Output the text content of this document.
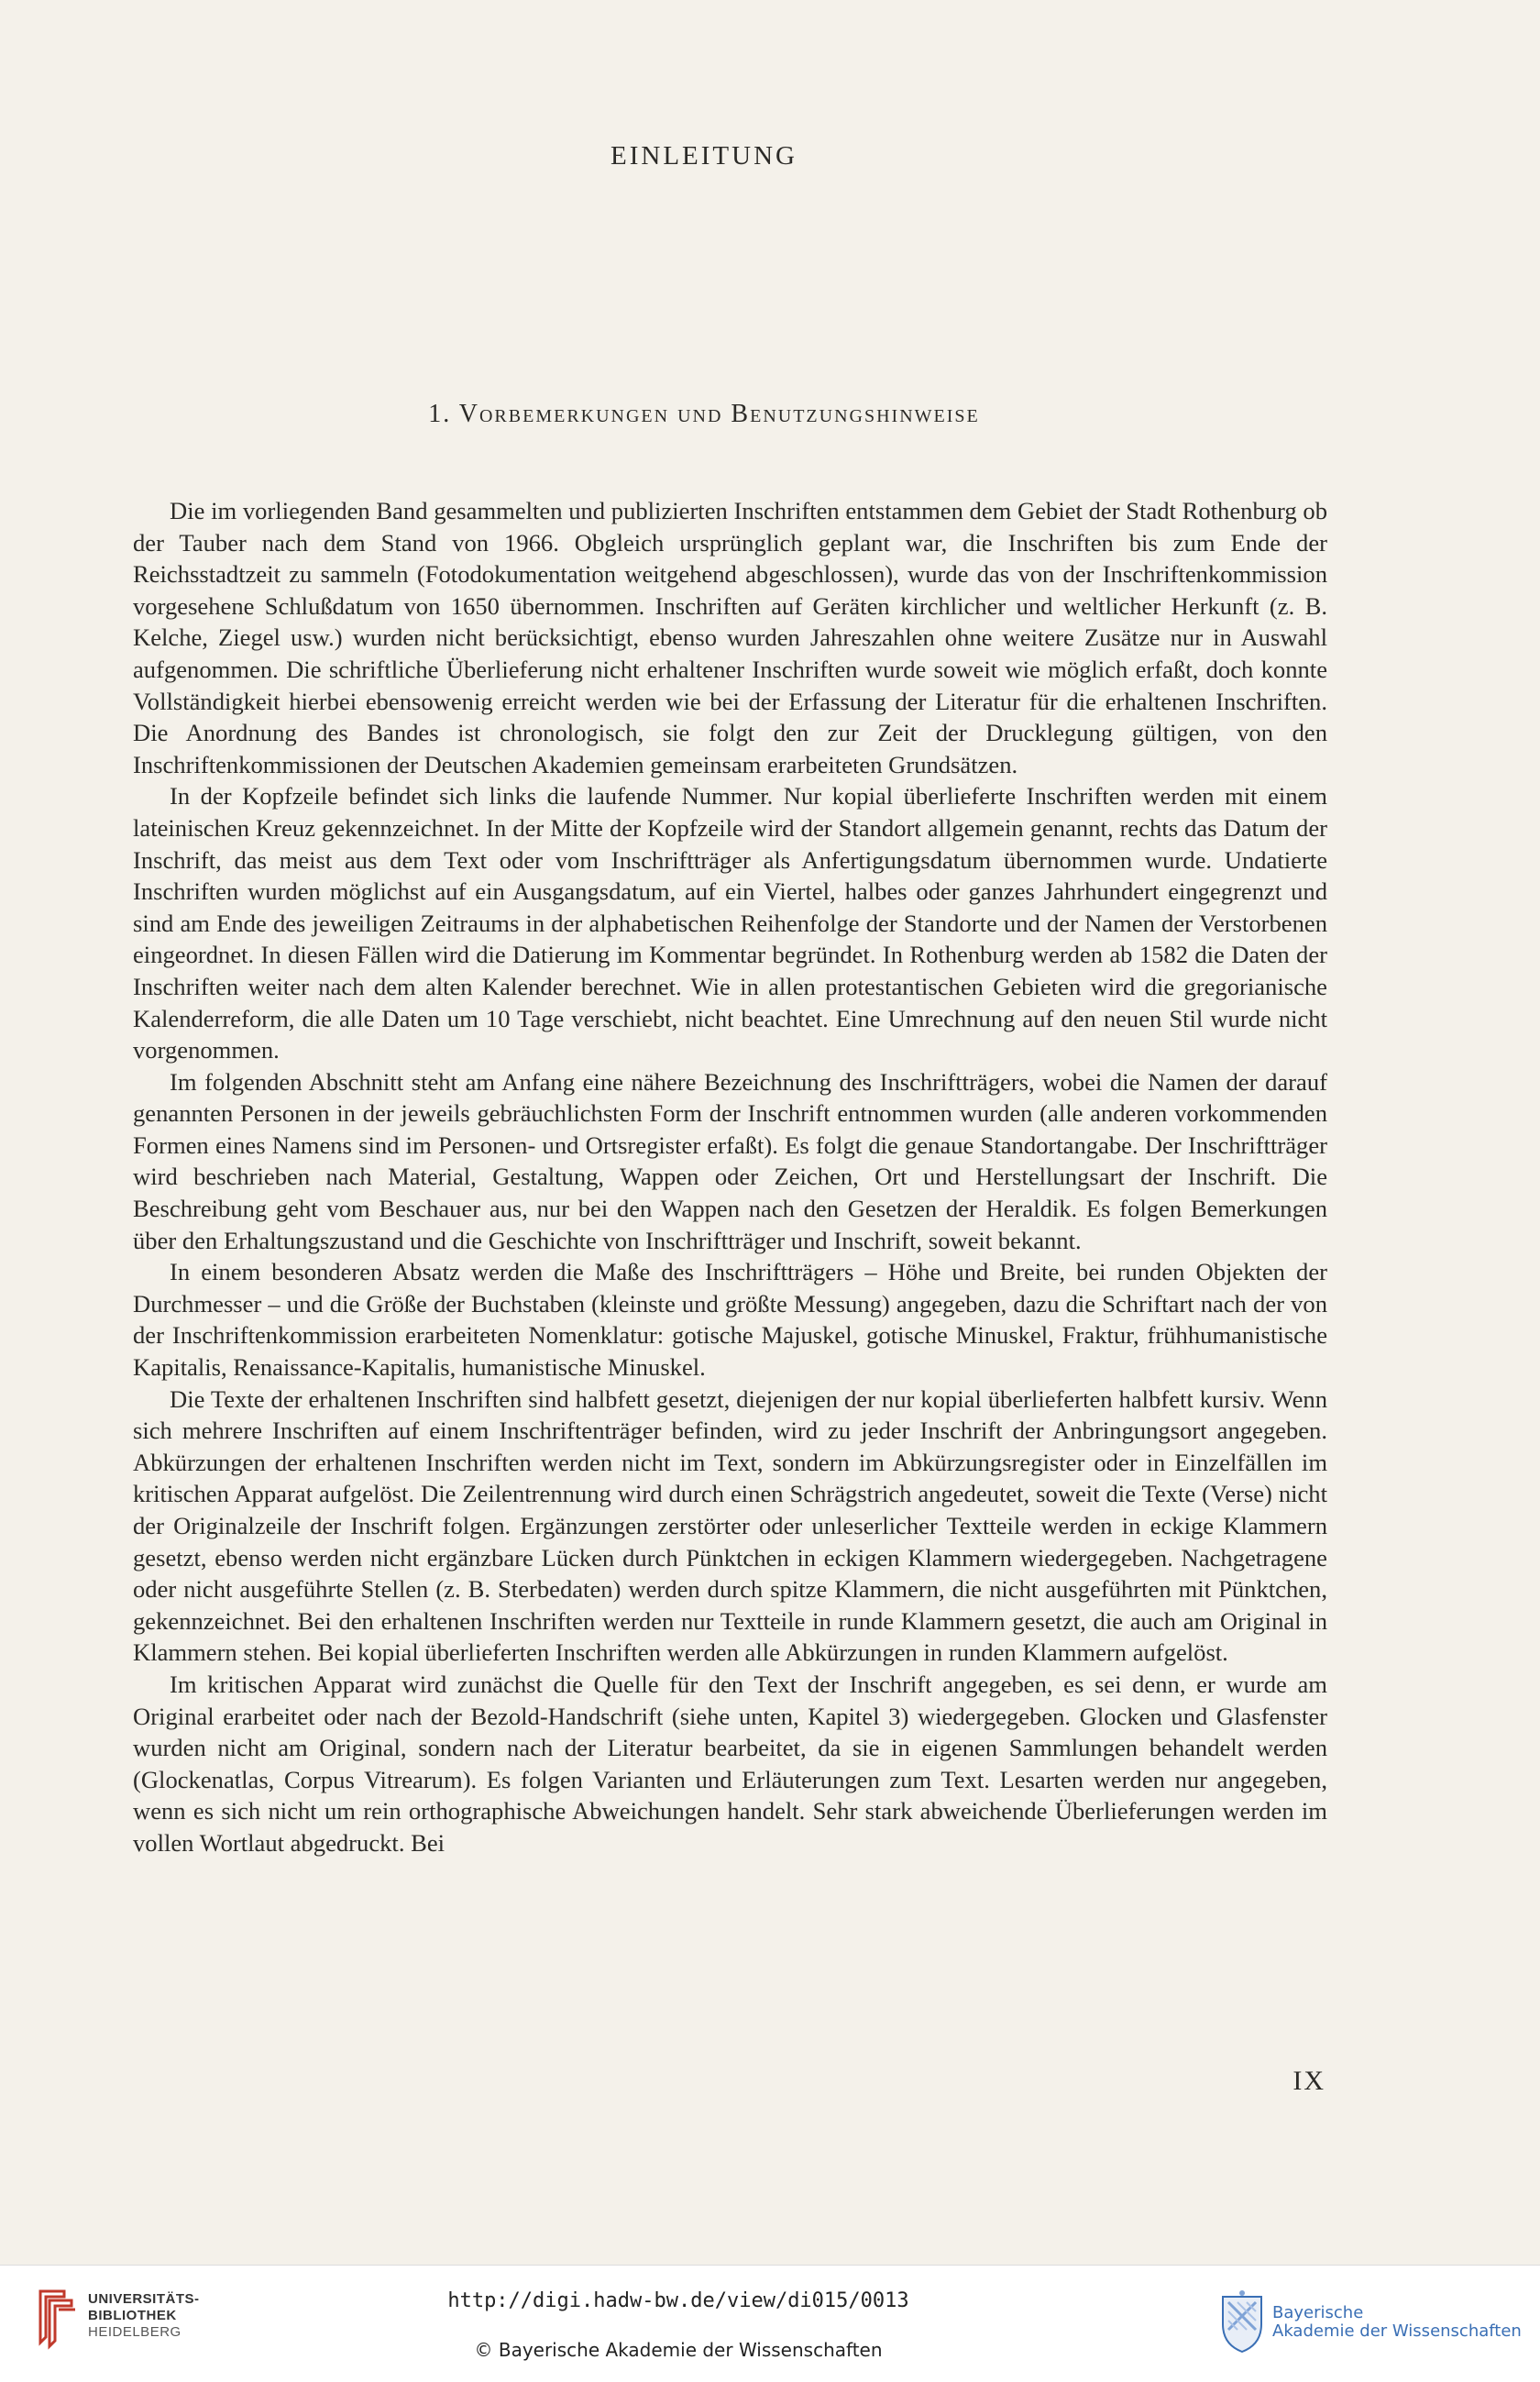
EINLEITUNG
1. Vorbemerkungen und Benutzungshinweise

Die im vorliegenden Band gesammelten und publizierten Inschriften entstammen dem Gebiet der Stadt Rothenburg ob der Tauber nach dem Stand von 1966. Obgleich ursprünglich geplant war, die Inschriften bis zum Ende der Reichsstadtzeit zu sammeln (Fotodokumentation weitgehend abgeschlossen), wurde das von der Inschriftenkommission vorgesehene Schlußdatum von 1650 übernommen. Inschriften auf Geräten kirchlicher und weltlicher Herkunft (z. B. Kelche, Ziegel usw.) wurden nicht berücksichtigt, ebenso wurden Jahreszahlen ohne weitere Zusätze nur in Auswahl aufgenommen. Die schriftliche Überlieferung nicht erhaltener Inschriften wurde soweit wie möglich erfaßt, doch konnte Vollständigkeit hierbei ebensowenig erreicht werden wie bei der Erfassung der Literatur für die erhaltenen Inschriften. Die Anordnung des Bandes ist chronologisch, sie folgt den zur Zeit der Drucklegung gültigen, von den Inschriftenkommissionen der Deutschen Akademien gemeinsam erarbeiteten Grundsätzen.

In der Kopfzeile befindet sich links die laufende Nummer. Nur kopial überlieferte Inschriften werden mit einem lateinischen Kreuz gekennzeichnet. In der Mitte der Kopfzeile wird der Standort allgemein genannt, rechts das Datum der Inschrift, das meist aus dem Text oder vom Inschriftträger als Anfertigungsdatum übernommen wurde. Undatierte Inschriften wurden möglichst auf ein Ausgangsdatum, auf ein Viertel, halbes oder ganzes Jahrhundert eingegrenzt und sind am Ende des jeweiligen Zeitraums in der alphabetischen Reihenfolge der Standorte und der Namen der Verstorbenen eingeordnet. In diesen Fällen wird die Datierung im Kommentar begründet. In Rothenburg werden ab 1582 die Daten der Inschriften weiter nach dem alten Kalender berechnet. Wie in allen protestantischen Gebieten wird die gregorianische Kalenderreform, die alle Daten um 10 Tage verschiebt, nicht beachtet. Eine Umrechnung auf den neuen Stil wurde nicht vorgenommen.

Im folgenden Abschnitt steht am Anfang eine nähere Bezeichnung des Inschriftträgers, wobei die Namen der darauf genannten Personen in der jeweils gebräuchlichsten Form der Inschrift entnommen wurden (alle anderen vorkommenden Formen eines Namens sind im Personen- und Ortsregister erfaßt). Es folgt die genaue Standortangabe. Der Inschriftträger wird beschrieben nach Material, Gestaltung, Wappen oder Zeichen, Ort und Herstellungsart der Inschrift. Die Beschreibung geht vom Beschauer aus, nur bei den Wappen nach den Gesetzen der Heraldik. Es folgen Bemerkungen über den Erhaltungszustand und die Geschichte von Inschriftträger und Inschrift, soweit bekannt.

In einem besonderen Absatz werden die Maße des Inschriftträgers – Höhe und Breite, bei runden Objekten der Durchmesser – und die Größe der Buchstaben (kleinste und größte Messung) angegeben, dazu die Schriftart nach der von der Inschriftenkommission erarbeiteten Nomenklatur: gotische Majuskel, gotische Minuskel, Fraktur, frühhumanistische Kapitalis, Renaissance-Kapitalis, humanistische Minuskel.

Die Texte der erhaltenen Inschriften sind halbfett gesetzt, diejenigen der nur kopial überlieferten halbfett kursiv. Wenn sich mehrere Inschriften auf einem Inschriftenträger befinden, wird zu jeder Inschrift der Anbringungsort angegeben. Abkürzungen der erhaltenen Inschriften werden nicht im Text, sondern im Abkürzungsregister oder in Einzelfällen im kritischen Apparat aufgelöst. Die Zeilentrennung wird durch einen Schrägstrich angedeutet, soweit die Texte (Verse) nicht der Originalzeile der Inschrift folgen. Ergänzungen zerstörter oder unleserlicher Textteile werden in eckige Klammern gesetzt, ebenso werden nicht ergänzbare Lücken durch Pünktchen in eckigen Klammern wiedergegeben. Nachgetragene oder nicht ausgeführte Stellen (z. B. Sterbedaten) werden durch spitze Klammern, die nicht ausgeführten mit Pünktchen, gekennzeichnet. Bei den erhaltenen Inschriften werden nur Textteile in runde Klammern gesetzt, die auch am Original in Klammern stehen. Bei kopial überlieferten Inschriften werden alle Abkürzungen in runden Klammern aufgelöst.

Im kritischen Apparat wird zunächst die Quelle für den Text der Inschrift angegeben, es sei denn, er wurde am Original erarbeitet oder nach der Bezold-Handschrift (siehe unten, Kapitel 3) wiedergegeben. Glocken und Glasfenster wurden nicht am Original, sondern nach der Literatur bearbeitet, da sie in eigenen Sammlungen behandelt werden (Glockenatlas, Corpus Vitrearum). Es folgen Varianten und Erläuterungen zum Text. Lesarten werden nur angegeben, wenn es sich nicht um rein orthographische Abweichungen handelt. Sehr stark abweichende Überlieferungen werden im vollen Wortlaut abgedruckt. Bei

IX
UNIVERSITÄTS-
BIBLIOTHEK
HEIDELBERG
http://digi.hadw-bw.de/view/di015/0013
© Bayerische Akademie der Wissenschaften
Bayerische
Akademie der Wissenschaften
